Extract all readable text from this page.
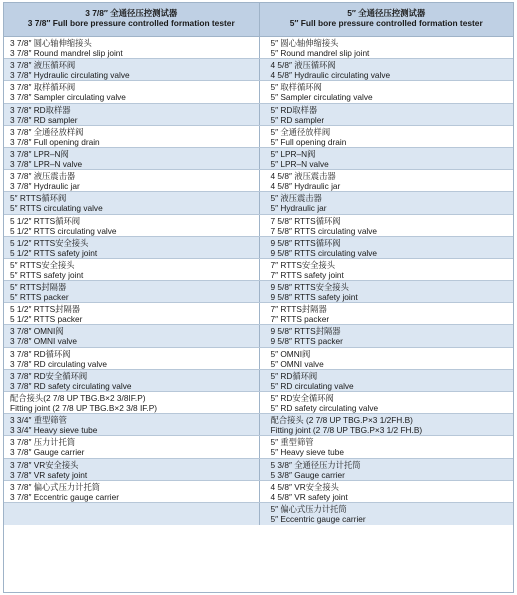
3 7/8″ 全通径压控测试器
3 7/8″ Full bore pressure controlled formation tester
5″ 全通径压控测试器
5″ Full bore pressure controlled formation tester
3 7/8″ 圆心轴伸缩接头
3 7/8″ Round mandrel slip joint
5″ 圆心轴伸缩接头
5″ Round mandrel slip joint
3 7/8″ 液压循环阀
3 7/8″ Hydraulic circulating valve
4 5/8″ 液压循环阀
4 5/8″ Hydraulic circulating valve
3 7/8″ 取样循环阀
3 7/8″ Sampler circulating valve
5″ 取样循环阀
5″ Sampler circulating valve
3 7/8″ RD取样器
3 7/8″ RD sampler
5″ RD取样器
5″ RD sampler
3 7/8″ 全通径放样阀
3 7/8″ Full opening drain
5″ 全通径放样阀
5″ Full opening drain
3 7/8″ LPR–N阀
3 7/8″ LPR–N valve
5″ LPR–N阀
5″ LPR–N valve
3 7/8″ 液压震击器
3 7/8″ Hydraulic jar
4 5/8″ 液压震击器
4 5/8″ Hydraulic jar
5″ RTTS循环阀
5″ RTTS circulating valve
5″ 液压震击器
5″ Hydraulic jar
5 1/2″ RTTS循环阀
5 1/2″ RTTS circulating valve
7 5/8″ RTTS循环阀
7 5/8″ RTTS circulating valve
5 1/2″ RTTS安全接头
5 1/2″ RTTS safety joint
9 5/8″ RTTS循环阀
9 5/8″ RTTS circulating valve
5″ RTTS安全接头
5″ RTTS safety joint
7″ RTTS安全接头
7″ RTTS safety joint
5″ RTTS封隔器
5″ RTTS packer
9 5/8″ RTTS安全接头
9 5/8″ RTTS safety joint
5 1/2″ RTTS封隔器
5 1/2″ RTTS packer
7″ RTTS封隔器
7″ RTTS packer
3 7/8″ OMNI阀
3 7/8″ OMNI valve
9 5/8″ RTTS封隔器
9 5/8″ RTTS packer
3 7/8″ RD循环阀
3 7/8″ RD circulating valve
5″ OMNI阀
5″ OMNI valve
3 7/8″ RD安全循环阀
3 7/8″ RD safety circulating valve
5″ RD循环阀
5″ RD circulating valve
配合接头(2 7/8 UP TBG.B×2 3/8IF.P)
Fitting joint (2 7/8 UP TBG.B×2 3/8 IF.P)
5″ RD安全循环阀
5″ RD safety circulating valve
3 3/4″ 重型筛管
3 3/4″ Heavy sieve tube
配合接头 (2 7/8 UP TBG.P×3 1/2FH.B)
Fitting joint (2 7/8 UP TBG.P×3 1/2 FH.B)
3 7/8″ 压力计托筒
3 7/8″ Gauge carrier
5″ 重型筛管
5″ Heavy sieve tube
3 7/8″ VR安全接头
3 7/8″ VR safety joint
5 3/8″ 全通径压力计托筒
5 3/8″ Gauge carrier
3 7/8″ 偏心式压力计托筒
3 7/8″ Eccentric gauge carrier
4 5/8″ VR安全接头
4 5/8″ VR safety joint
5″ 偏心式压力计托筒
5″ Eccentric gauge carrier
